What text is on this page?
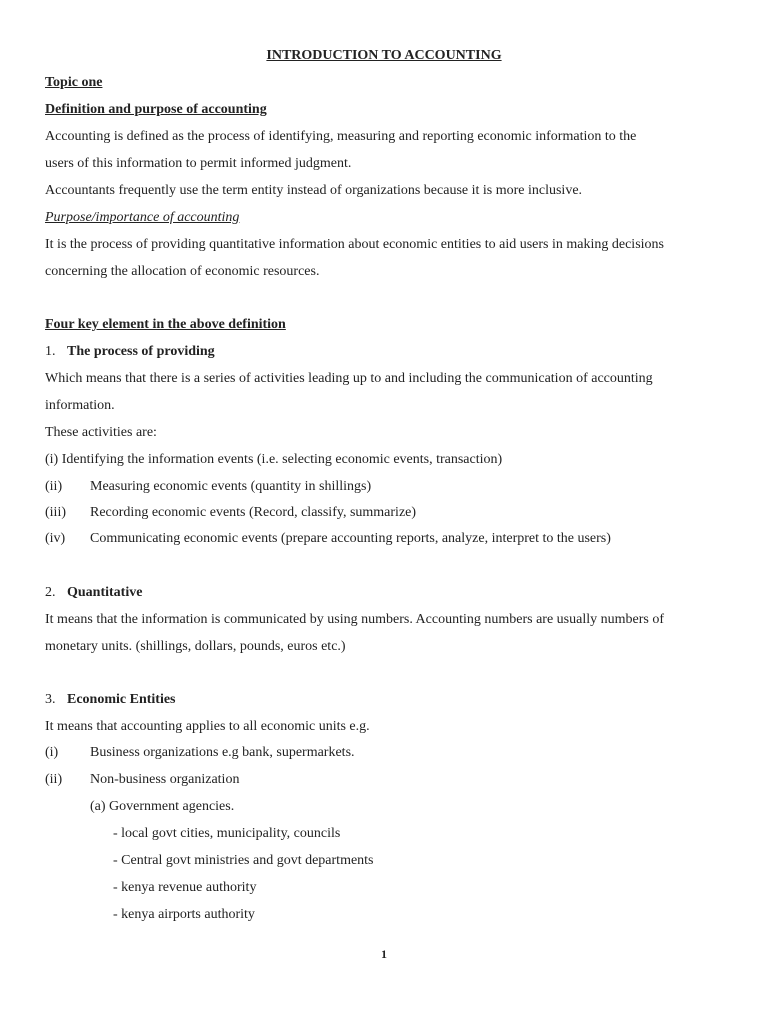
INTRODUCTION TO ACCOUNTING
Topic one
Definition and purpose of accounting
Accounting is defined as the process of identifying, measuring and reporting economic information to the
users of this information to permit informed judgment.
Accountants frequently use the term entity instead of organizations because it is more inclusive.
Purpose/importance of accounting
It is the process of providing quantitative information about economic entities to aid users in making decisions
concerning the allocation of economic resources.
Four key element in the above definition
1. The process of providing
Which means that there is a series of activities leading up to and including the communication of accounting
information.
These activities are:
(i) Identifying the information events (i.e. selecting economic events, transaction)
(ii) Measuring economic events (quantity in shillings)
(iii) Recording economic events (Record, classify, summarize)
(iv) Communicating economic events (prepare accounting reports, analyze, interpret to the users)
2. Quantitative
It means that the information is communicated by using numbers. Accounting numbers are usually numbers of
monetary units. (shillings, dollars, pounds, euros etc.)
3. Economic Entities
It means that accounting applies to all economic units e.g.
(i) Business organizations e.g bank, supermarkets.
(ii) Non-business organization
(a) Government agencies.
- local govt cities, municipality, councils
- Central govt ministries and govt departments
- kenya revenue authority
- kenya airports authority
1
